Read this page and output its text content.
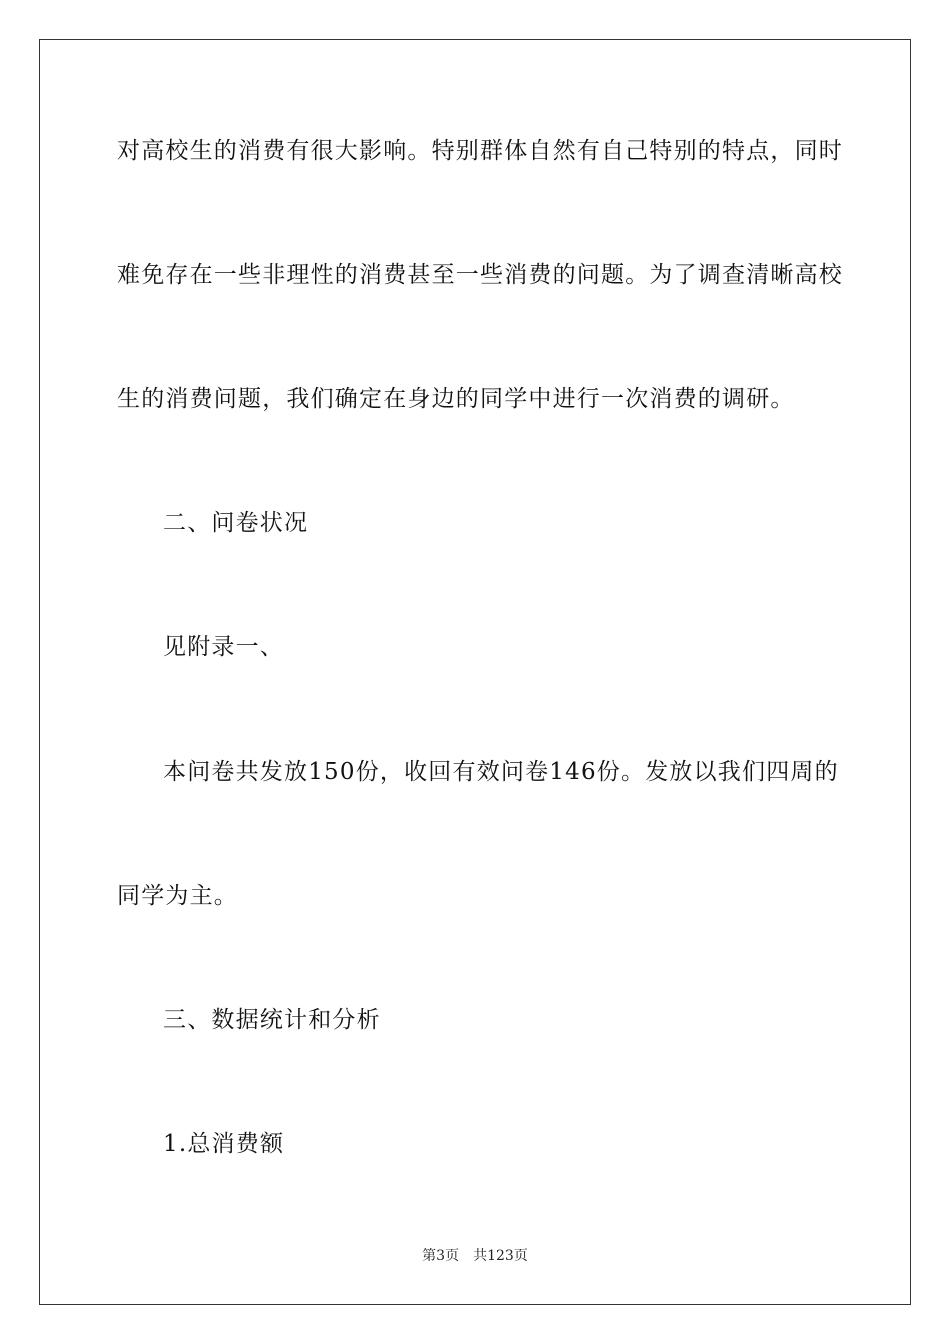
对高校生的消费有很大影响。特别群体自然有自己特别的特点，同时
难免存在一些非理性的消费甚至一些消费的问题。为了调查清晰高校
生的消费问题，我们确定在身边的同学中进行一次消费的调研。
二、问卷状况
见附录一、
本问卷共发放150份，收回有效问卷146份。发放以我们四周的
同学为主。
三、数据统计和分析
1.总消费额
第3页 共123页
